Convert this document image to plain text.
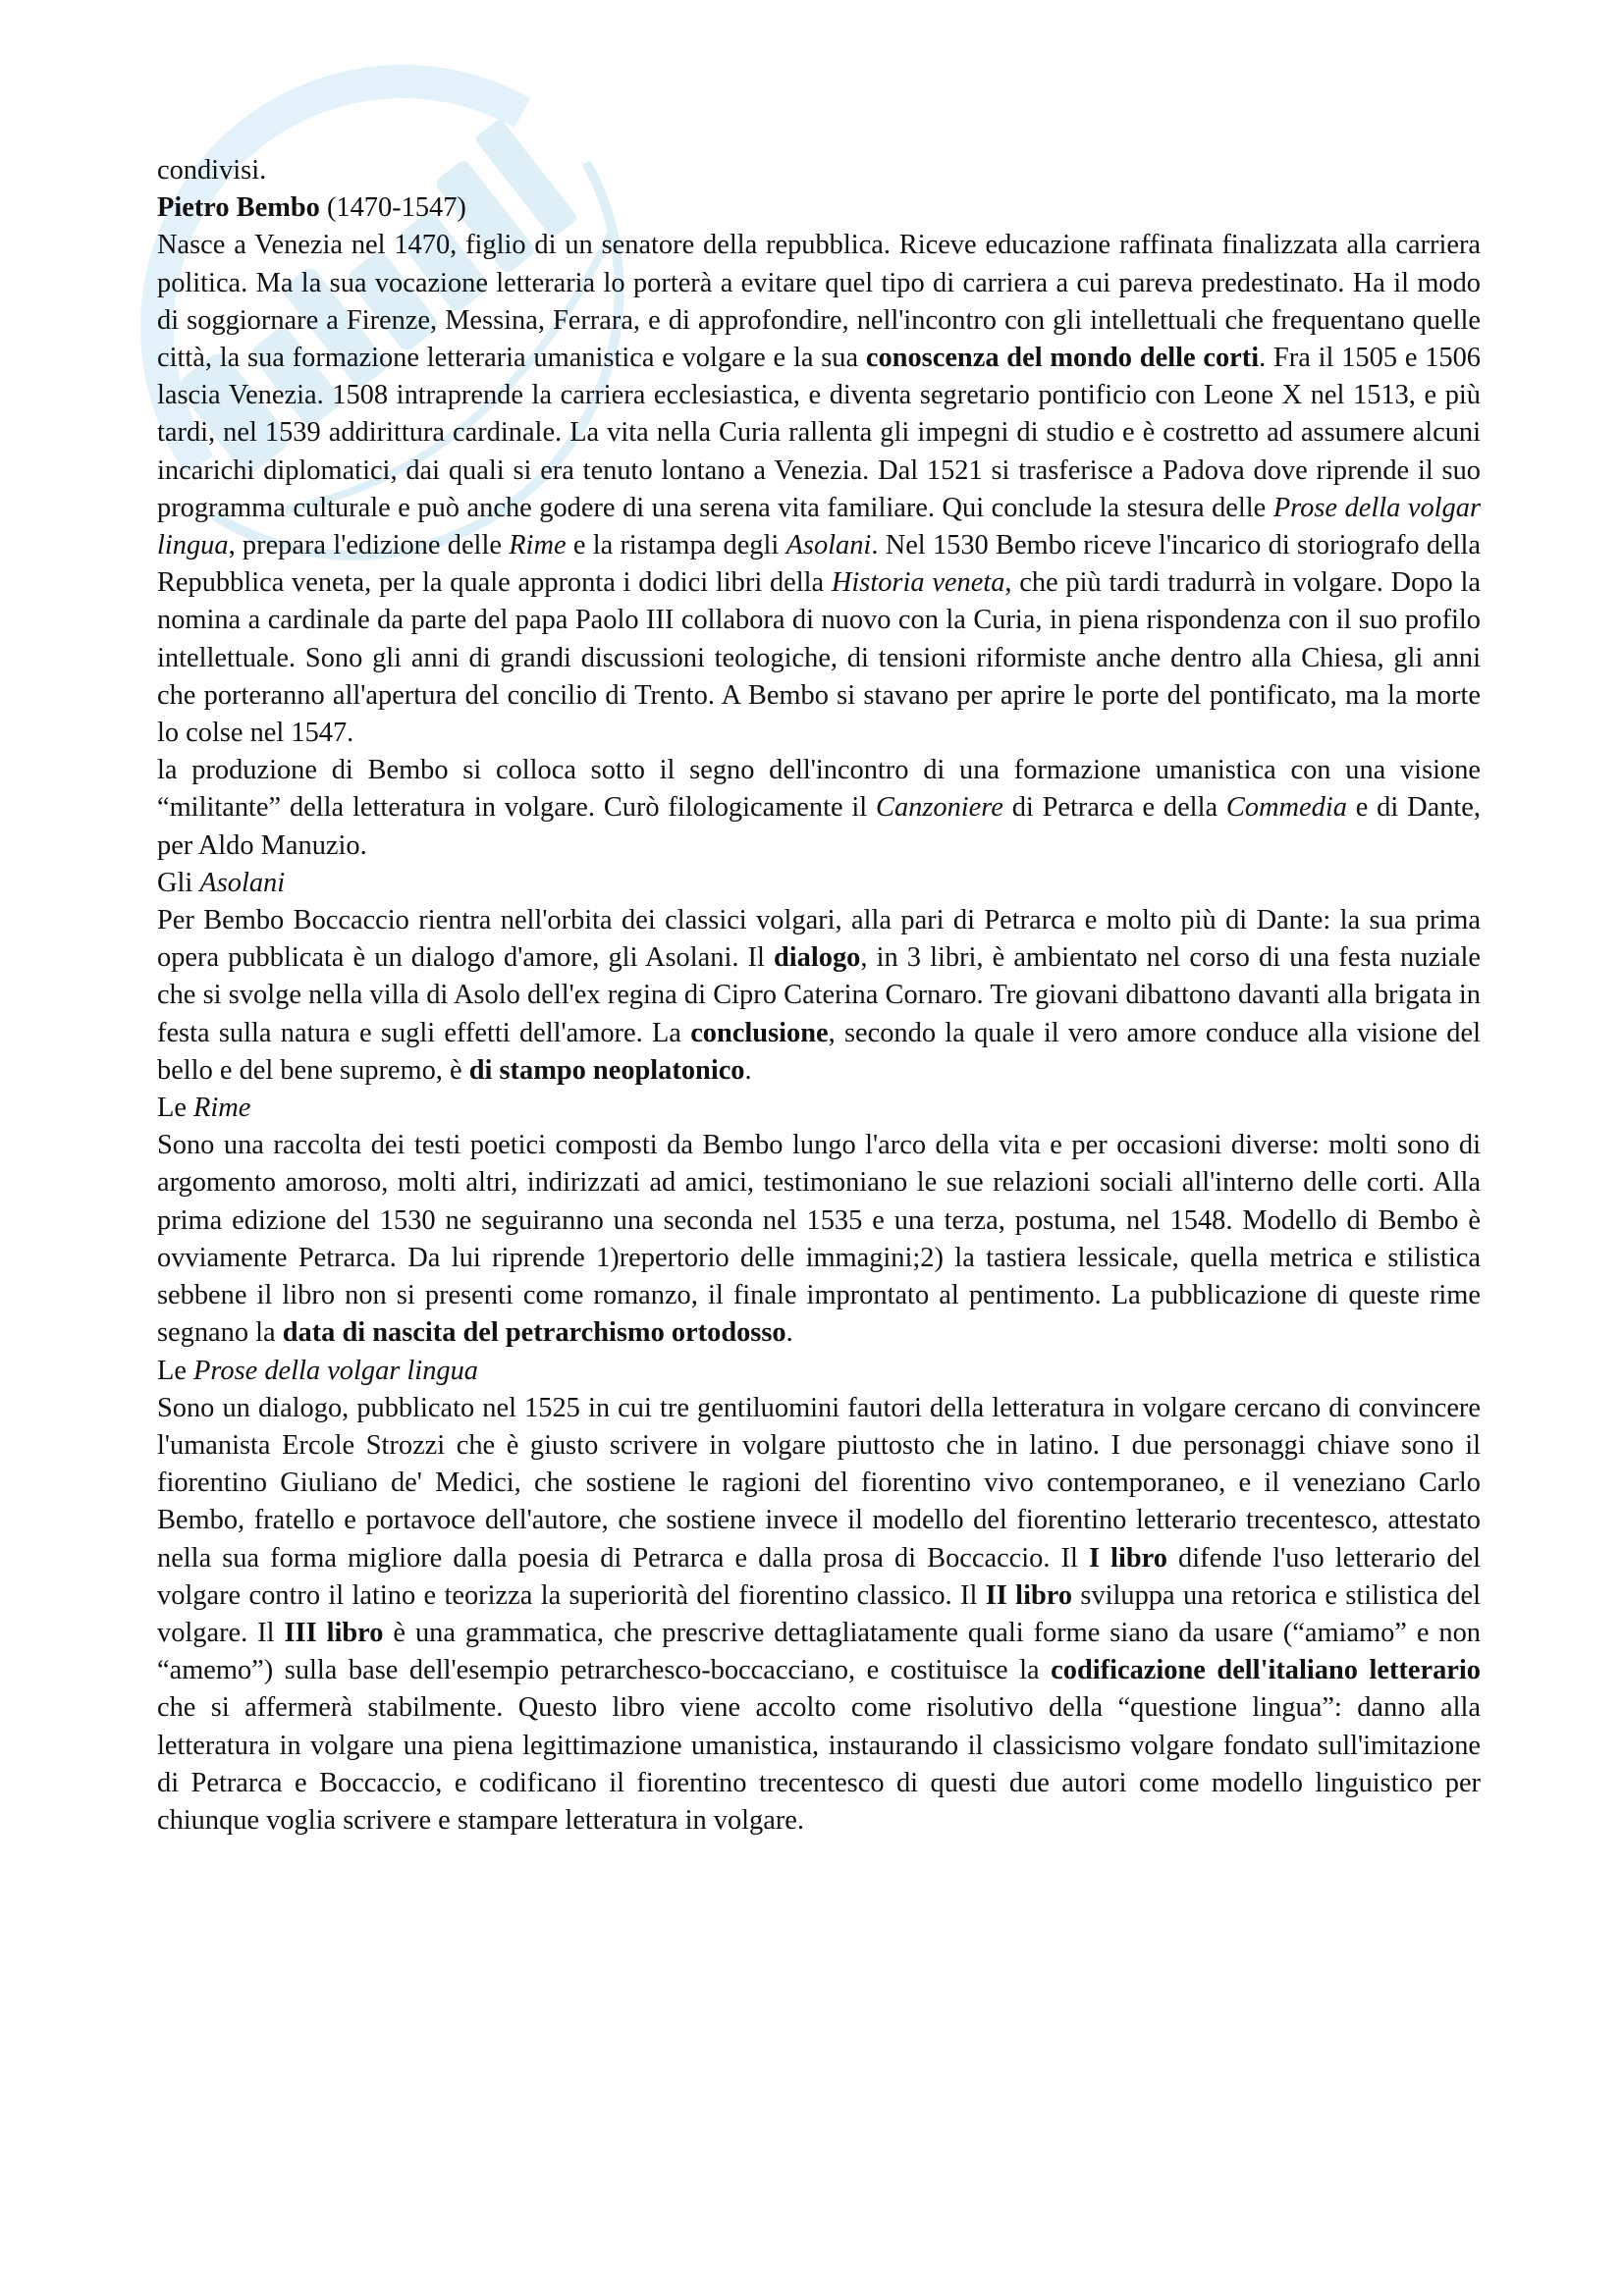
condivisi.

Pietro Bembo (1470-1547)

Nasce a Venezia nel 1470, figlio di un senatore della repubblica. Riceve educazione raffinata finalizzata alla carriera politica. Ma la sua vocazione letteraria lo porterà a evitare quel tipo di carriera a cui pareva predestinato. Ha il modo di soggiornare a Firenze, Messina, Ferrara, e di approfondire, nell'incontro con gli intellettuali che frequentano quelle città, la sua formazione letteraria umanistica e volgare e la sua conoscenza del mondo delle corti. Fra il 1505 e 1506 lascia Venezia. 1508 intraprende la carriera ecclesiastica, e diventa segretario pontificio con Leone X nel 1513, e più tardi, nel 1539 addirittura cardinale. La vita nella Curia rallenta gli impegni di studio e è costretto ad assumere alcuni incarichi diplomatici, dai quali si era tenuto lontano a Venezia. Dal 1521 si trasferisce a Padova dove riprende il suo programma culturale e può anche godere di una serena vita familiare. Qui conclude la stesura delle Prose della volgar lingua, prepara l'edizione delle Rime e la ristampa degli Asolani. Nel 1530 Bembo riceve l'incarico di storiografo della Repubblica veneta, per la quale appronta i dodici libri della Historia veneta, che più tardi tradurrà in volgare. Dopo la nomina a cardinale da parte del papa Paolo III collabora di nuovo con la Curia, in piena rispondenza con il suo profilo intellettuale. Sono gli anni di grandi discussioni teologiche, di tensioni riformiste anche dentro alla Chiesa, gli anni che porteranno all'apertura del concilio di Trento. A Bembo si stavano per aprire le porte del pontificato, ma la morte lo colse nel 1547.

la produzione di Bembo si colloca sotto il segno dell'incontro di una formazione umanistica con una visione “militante” della letteratura in volgare. Curò filologicamente il Canzoniere di Petrarca e della Commedia e di Dante, per Aldo Manuzio.

Gli Asolani

Per Bembo Boccaccio rientra nell'orbita dei classici volgari, alla pari di Petrarca e molto più di Dante: la sua prima opera pubblicata è un dialogo d'amore, gli Asolani. Il dialogo, in 3 libri, è ambientato nel corso di una festa nuziale che si svolge nella villa di Asolo dell'ex regina di Cipro Caterina Cornaro. Tre giovani dibattono davanti alla brigata in festa sulla natura e sugli effetti dell'amore. La conclusione, secondo la quale il vero amore conduce alla visione del bello e del bene supremo, è di stampo neoplatonico.

Le Rime

Sono una raccolta dei testi poetici composti da Bembo lungo l'arco della vita e per occasioni diverse: molti sono di argomento amoroso, molti altri, indirizzati ad amici, testimoniano le sue relazioni sociali all'interno delle corti. Alla prima edizione del 1530 ne seguiranno una seconda nel 1535 e una terza, postuma, nel 1548. Modello di Bembo è ovviamente Petrarca. Da lui riprende 1)repertorio delle immagini;2) la tastiera lessicale, quella metrica e stilistica sebbene il libro non si presenti come romanzo, il finale improntato al pentimento. La pubblicazione di queste rime segnano la data di nascita del petrarchismo ortodosso.

Le Prose della volgar lingua

Sono un dialogo, pubblicato nel 1525 in cui tre gentiluomini fautori della letteratura in volgare cercano di convincere l'umanista Ercole Strozzi che è giusto scrivere in volgare piuttosto che in latino. I due personaggi chiave sono il fiorentino Giuliano de' Medici, che sostiene le ragioni del fiorentino vivo contemporaneo, e il veneziano Carlo Bembo, fratello e portavoce dell'autore, che sostiene invece il modello del fiorentino letterario trecentesco, attestato nella sua forma migliore dalla poesia di Petrarca e dalla prosa di Boccaccio. Il I libro difende l'uso letterario del volgare contro il latino e teorizza la superiorità del fiorentino classico. Il II libro sviluppa una retorica e stilistica del volgare. Il III libro è una grammatica, che prescrive dettagliatamente quali forme siano da usare (“amiamo” e non “amemo”) sulla base dell'esempio petrarchesco-boccacciano, e costituisce la codificazione dell'italiano letterario che si affermerà stabilmente. Questo libro viene accolto come risolutivo della “questione lingua”: danno alla letteratura in volgare una piena legittimazione umanistica, instaurando il classicismo volgare fondato sull'imitazione di Petrarca e Boccaccio, e codificano il fiorentino trecentesco di questi due autori come modello linguistico per chiunque voglia scrivere e stampare letteratura in volgare.
